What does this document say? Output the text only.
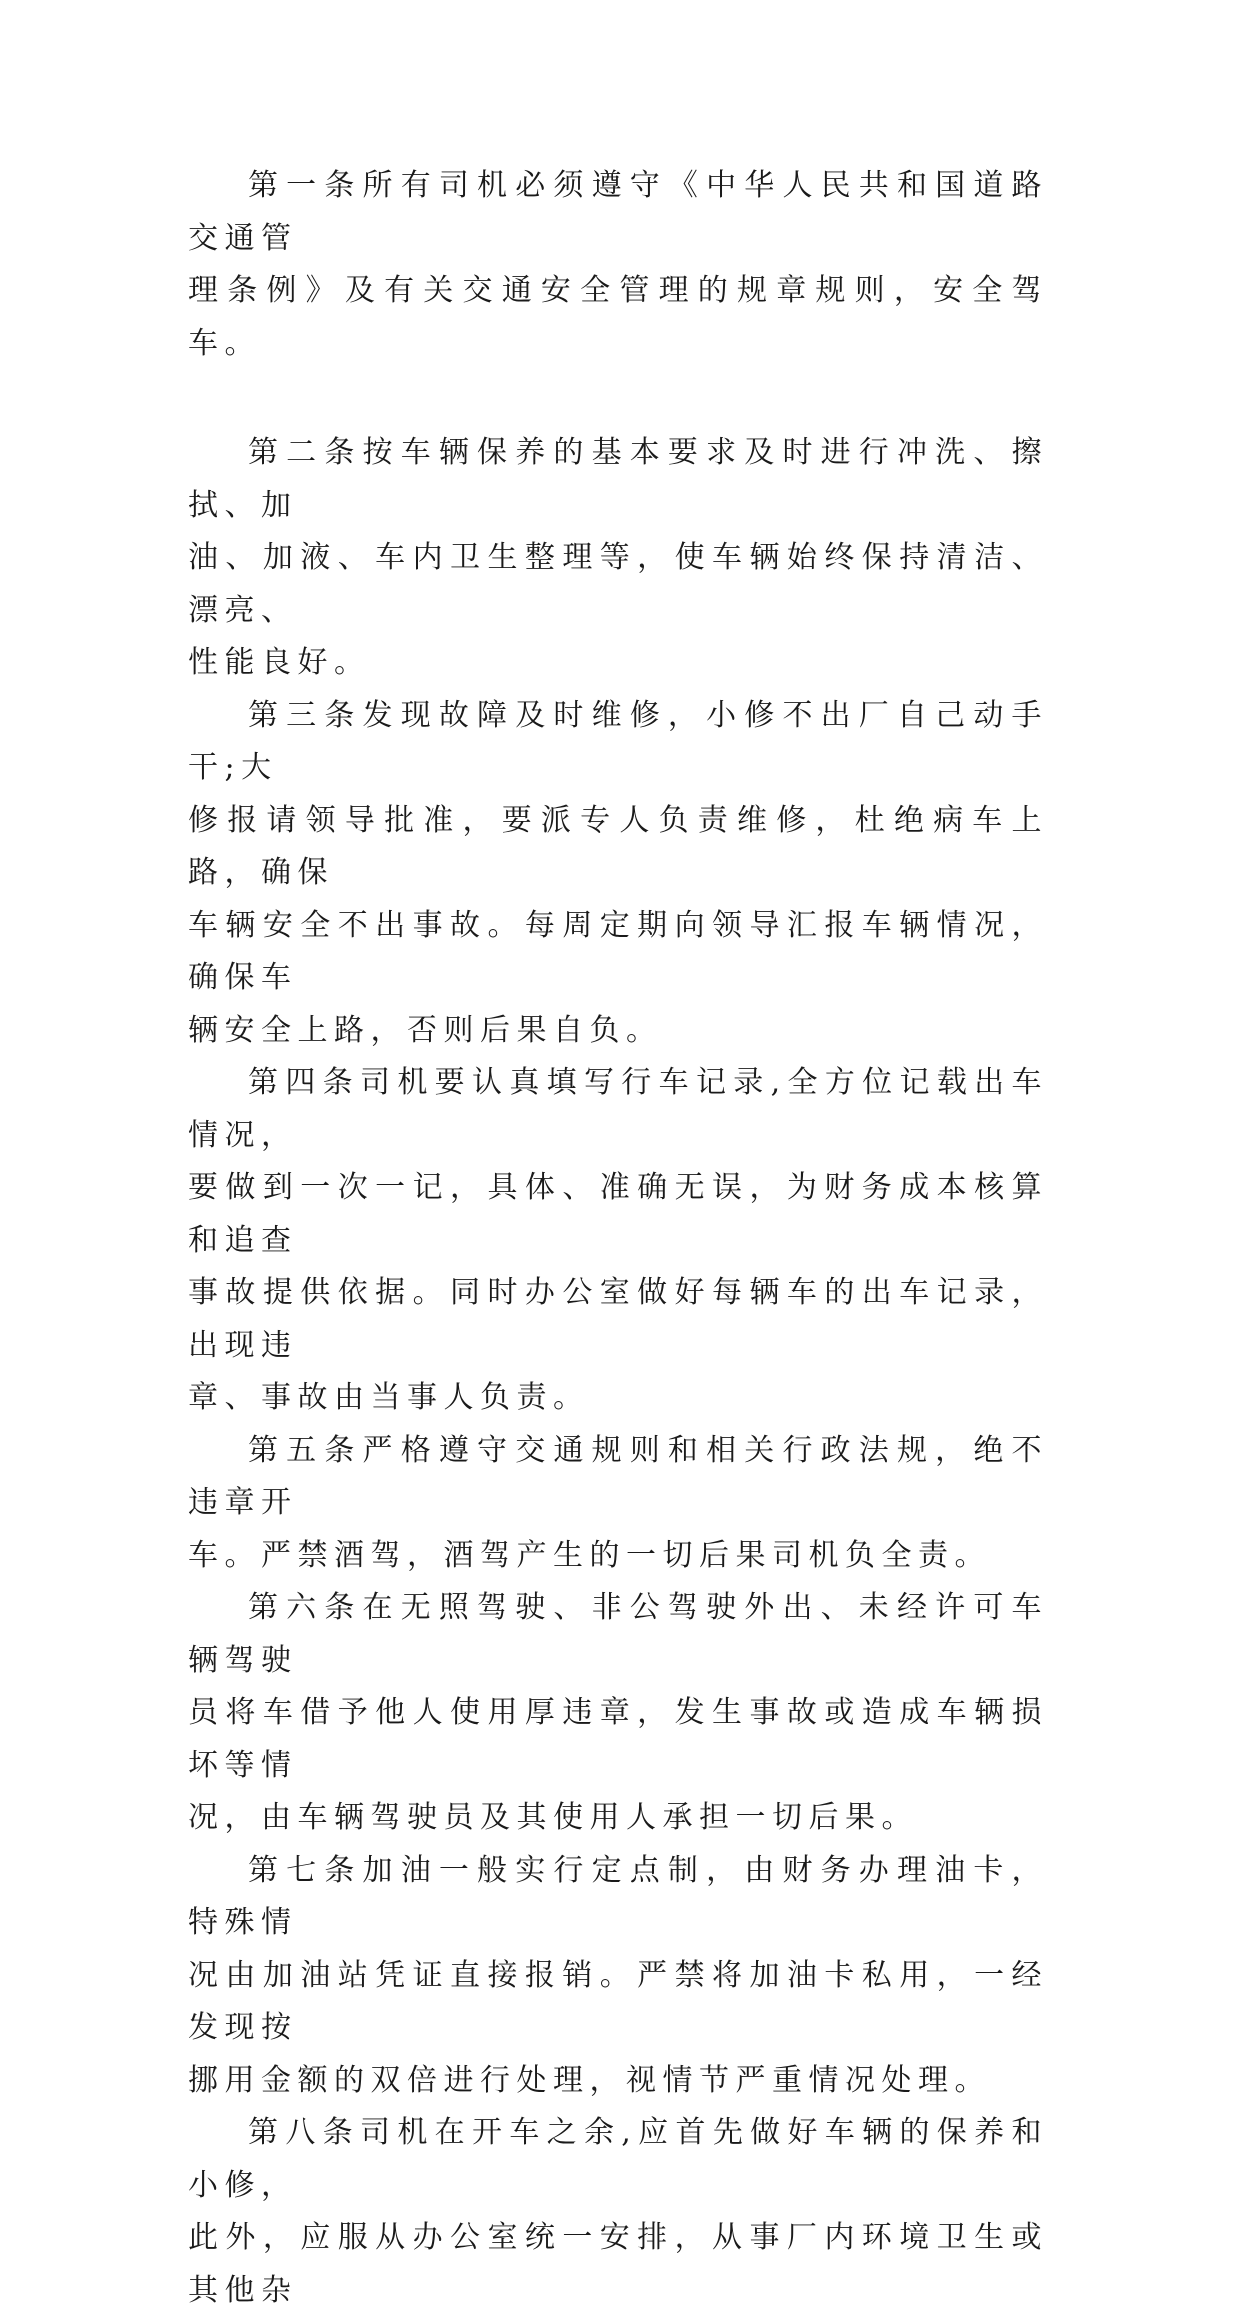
第一条所有司机必须遵守《中华人民共和国道路交通管
理条例》及有关交通安全管理的规章规则，安全驾车。

第二条按车辆保养的基本要求及时进行冲洗、擦拭、加
油、加液、车内卫生整理等，使车辆始终保持清洁、漂亮、
性能良好。

第三条发现故障及时维修，小修不出厂自己动手干;大
修报请领导批准，要派专人负责维修，杜绝病车上路，确保
车辆安全不出事故。每周定期向领导汇报车辆情况，确保车
辆安全上路，否则后果自负。

第四条司机要认真填写行车记录,全方位记载出车情况，
要做到一次一记，具体、准确无误，为财务成本核算和追查
事故提供依据。同时办公室做好每辆车的出车记录，出现违
章、事故由当事人负责。

第五条严格遵守交通规则和相关行政法规，绝不违章开
车。严禁酒驾，酒驾产生的一切后果司机负全责。

第六条在无照驾驶、非公驾驶外出、未经许可车辆驾驶
员将车借予他人使用厚违章，发生事故或造成车辆损坏等情
况，由车辆驾驶员及其使用人承担一切后果。

第七条加油一般实行定点制，由财务办理油卡，特殊情
况由加油站凭证直接报销。严禁将加油卡私用，一经发现按
挪用金额的双倍进行处理，视情节严重情况处理。

第八条司机在开车之余,应首先做好车辆的保养和小修，
此外，应服从办公室统一安排，从事厂内环境卫生或其他杂
